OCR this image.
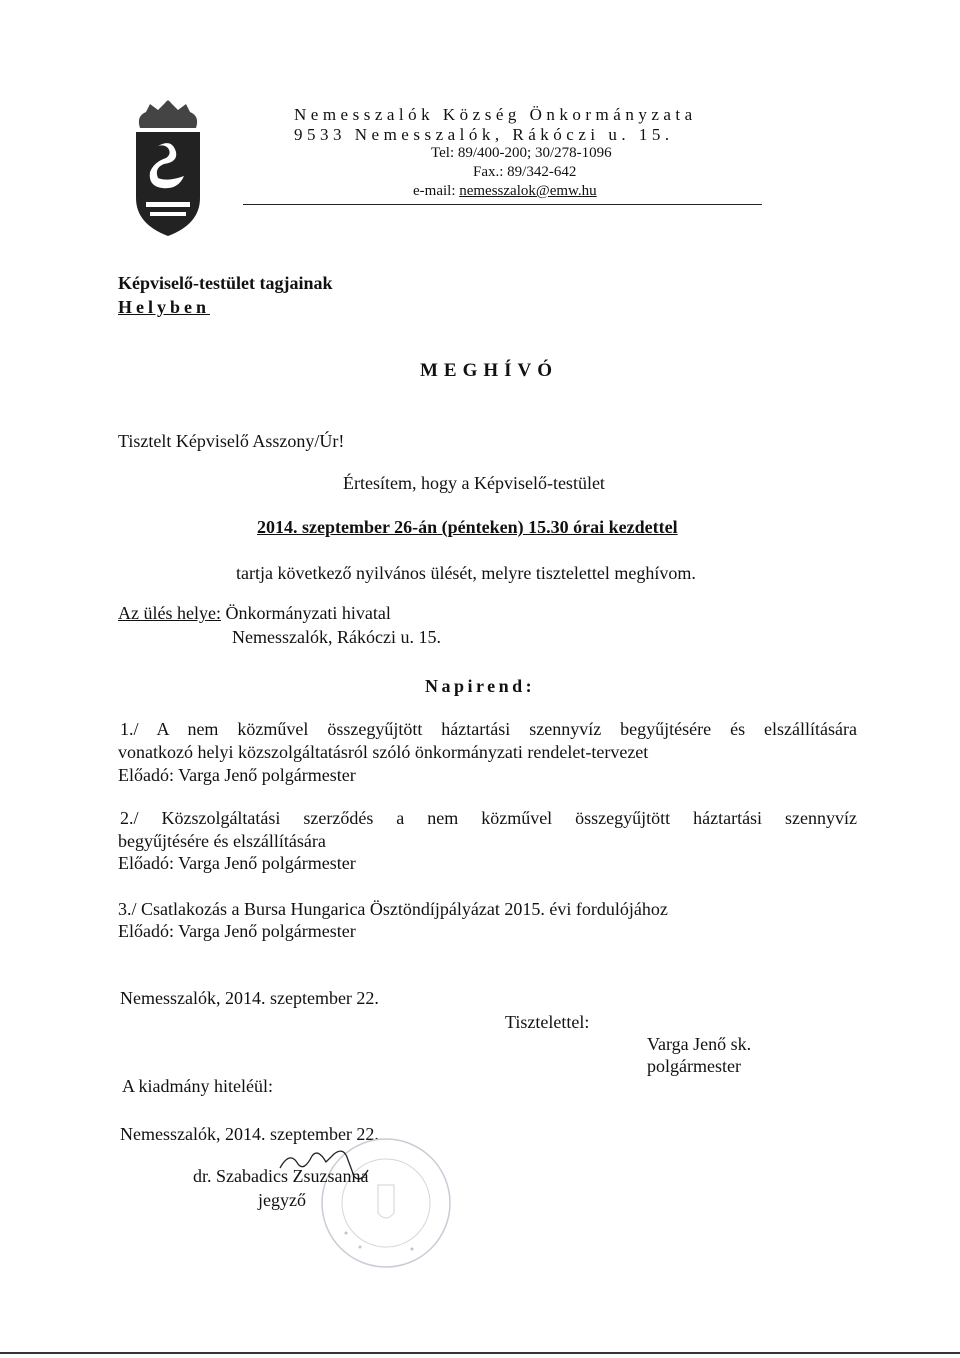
Nemesszalók Község Önkormányzata
9533 Nemesszalók, Rákóczi u. 15.
Tel: 89/400-200; 30/278-1096
Fax.: 89/342-642
e-mail: nemesszalok@emw.hu
Képviselő-testület tagjainak
Helyben
MEGHÍVÓ
Tisztelt Képviselő Asszony/Úr!
Értesítem, hogy a Képviselő-testület
2014. szeptember 26-án (pénteken) 15.30 órai kezdettel
tartja következő nyilvános ülését, melyre tisztelettel meghívom.
Az ülés helye: Önkormányzati hivatal
Nemesszalók, Rákóczi u. 15.
Napirend:
1./ A nem közművel összegyűjtött háztartási szennyvíz begyűjtésére és elszállítására
vonatkozó helyi közszolgáltatásról szóló önkormányzati rendelet-tervezet
Előadó: Varga Jenő polgármester
2./ Közszolgáltatási szerződés a nem közművel összegyűjtött háztartási szennyvíz
begyűjtésére és elszállítására
Előadó: Varga Jenő polgármester
3./ Csatlakozás a Bursa Hungarica Ösztöndíjpályázat 2015. évi fordulójához
Előadó: Varga Jenő polgármester
Nemesszalók, 2014. szeptember 22.
Tisztelettel:
Varga Jenő sk.
polgármester
A kiadmány hiteléül:
Nemesszalók, 2014. szeptember 22.
dr. Szabadics Zsuzsanna
jegyző
